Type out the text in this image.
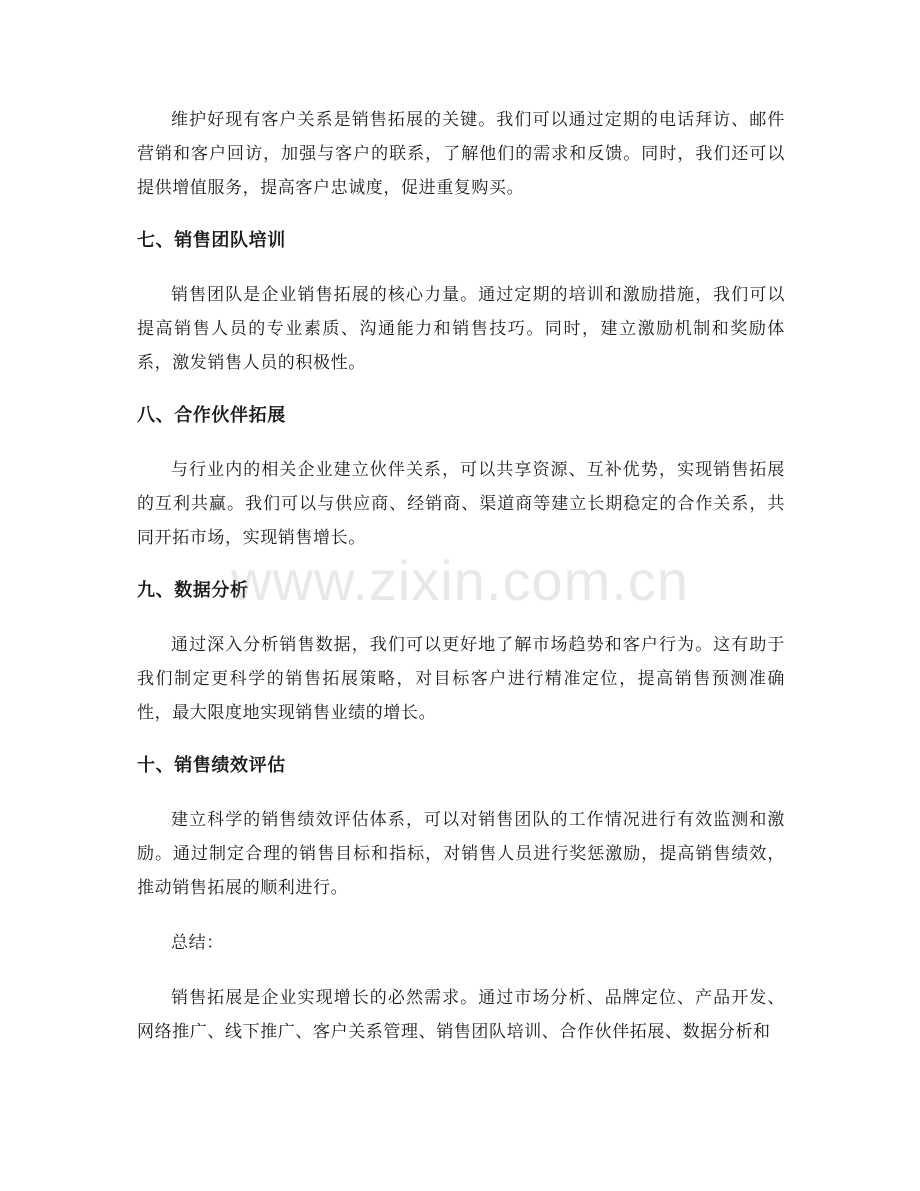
维护好现有客户关系是销售拓展的关键。我们可以通过定期的电话拜访、邮件营销和客户回访，加强与客户的联系，了解他们的需求和反馈。同时，我们还可以提供增值服务，提高客户忠诚度，促进重复购买。

七、销售团队培训

销售团队是企业销售拓展的核心力量。通过定期的培训和激励措施，我们可以提高销售人员的专业素质、沟通能力和销售技巧。同时，建立激励机制和奖励体系，激发销售人员的积极性。

八、合作伙伴拓展

与行业内的相关企业建立伙伴关系，可以共享资源、互补优势，实现销售拓展的互利共赢。我们可以与供应商、经销商、渠道商等建立长期稳定的合作关系，共同开拓市场，实现销售增长。

九、数据分析

通过深入分析销售数据，我们可以更好地了解市场趋势和客户行为。这有助于我们制定更科学的销售拓展策略，对目标客户进行精准定位，提高销售预测准确性，最大限度地实现销售业绩的增长。

十、销售绩效评估

建立科学的销售绩效评估体系，可以对销售团队的工作情况进行有效监测和激励。通过制定合理的销售目标和指标，对销售人员进行奖惩激励，提高销售绩效，推动销售拓展的顺利进行。

总结：

销售拓展是企业实现增长的必然需求。通过市场分析、品牌定位、产品开发、网络推广、线下推广、客户关系管理、销售团队培训、合作伙伴拓展、数据分析和

www.zixin.com.cn
